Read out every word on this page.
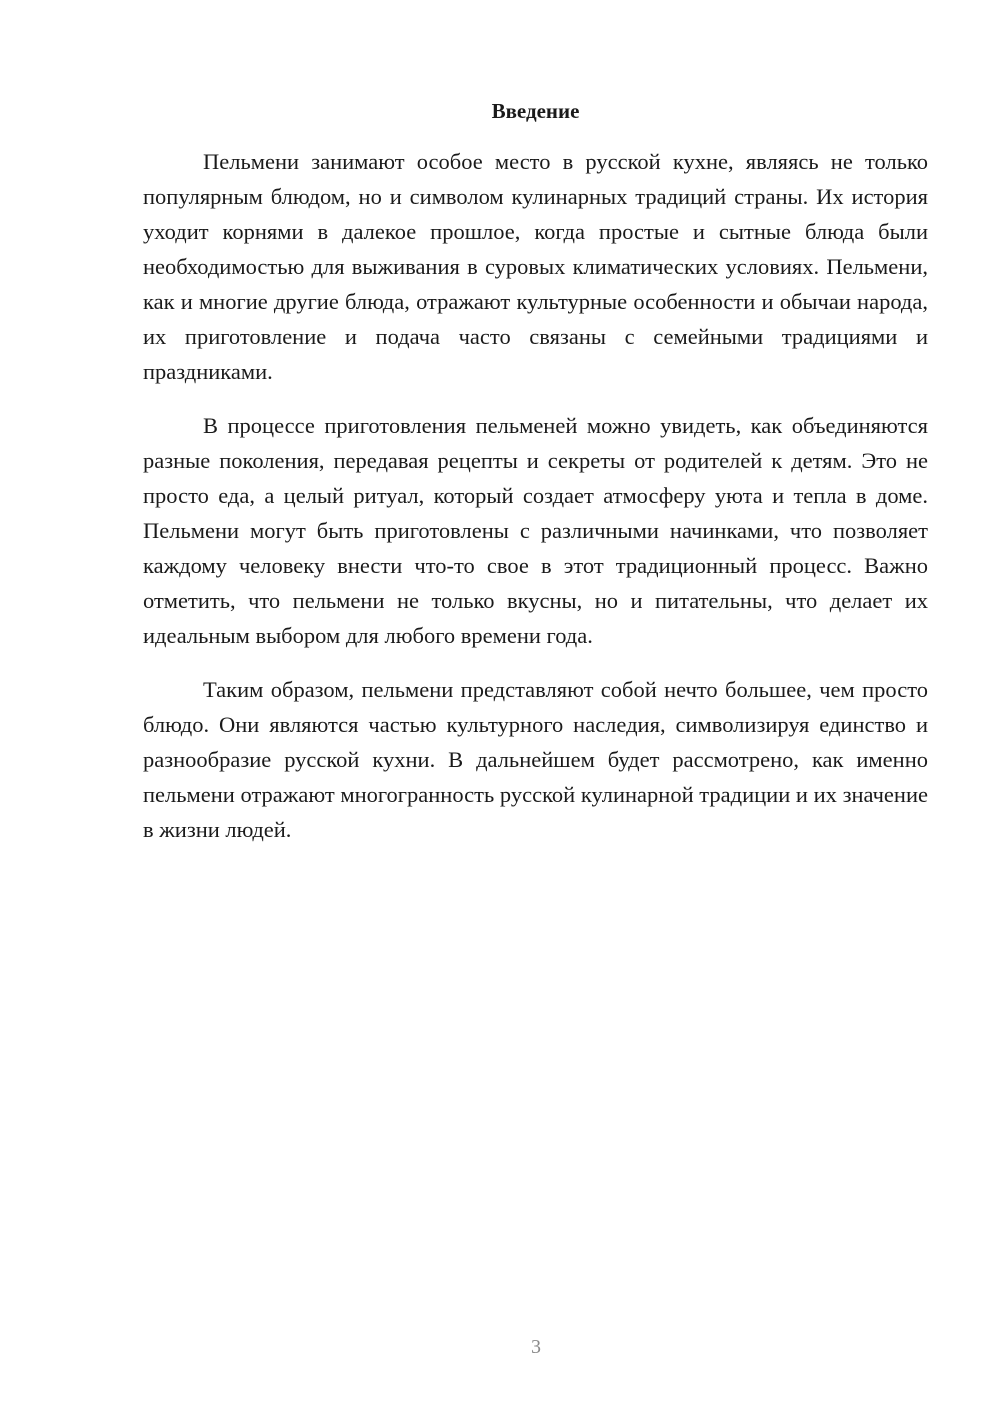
Введение

Пельмени занимают особое место в русской кухне, являясь не только популярным блюдом, но и символом кулинарных традиций страны. Их история уходит корнями в далекое прошлое, когда простые и сытные блюда были необходимостью для выживания в суровых климатических условиях. Пельмени, как и многие другие блюда, отражают культурные особенности и обычаи народа, их приготовление и подача часто связаны с семейными традициями и праздниками.

В процессе приготовления пельменей можно увидеть, как объединяются разные поколения, передавая рецепты и секреты от родителей к детям. Это не просто еда, а целый ритуал, который создает атмосферу уюта и тепла в доме. Пельмени могут быть приготовлены с различными начинками, что позволяет каждому человеку внести что-то свое в этот традиционный процесс. Важно отметить, что пельмени не только вкусны, но и питательны, что делает их идеальным выбором для любого времени года.

Таким образом, пельмени представляют собой нечто большее, чем просто блюдо. Они являются частью культурного наследия, символизируя единство и разнообразие русской кухни. В дальнейшем будет рассмотрено, как именно пельмени отражают многогранность русской кулинарной традиции и их значение в жизни людей.

3
